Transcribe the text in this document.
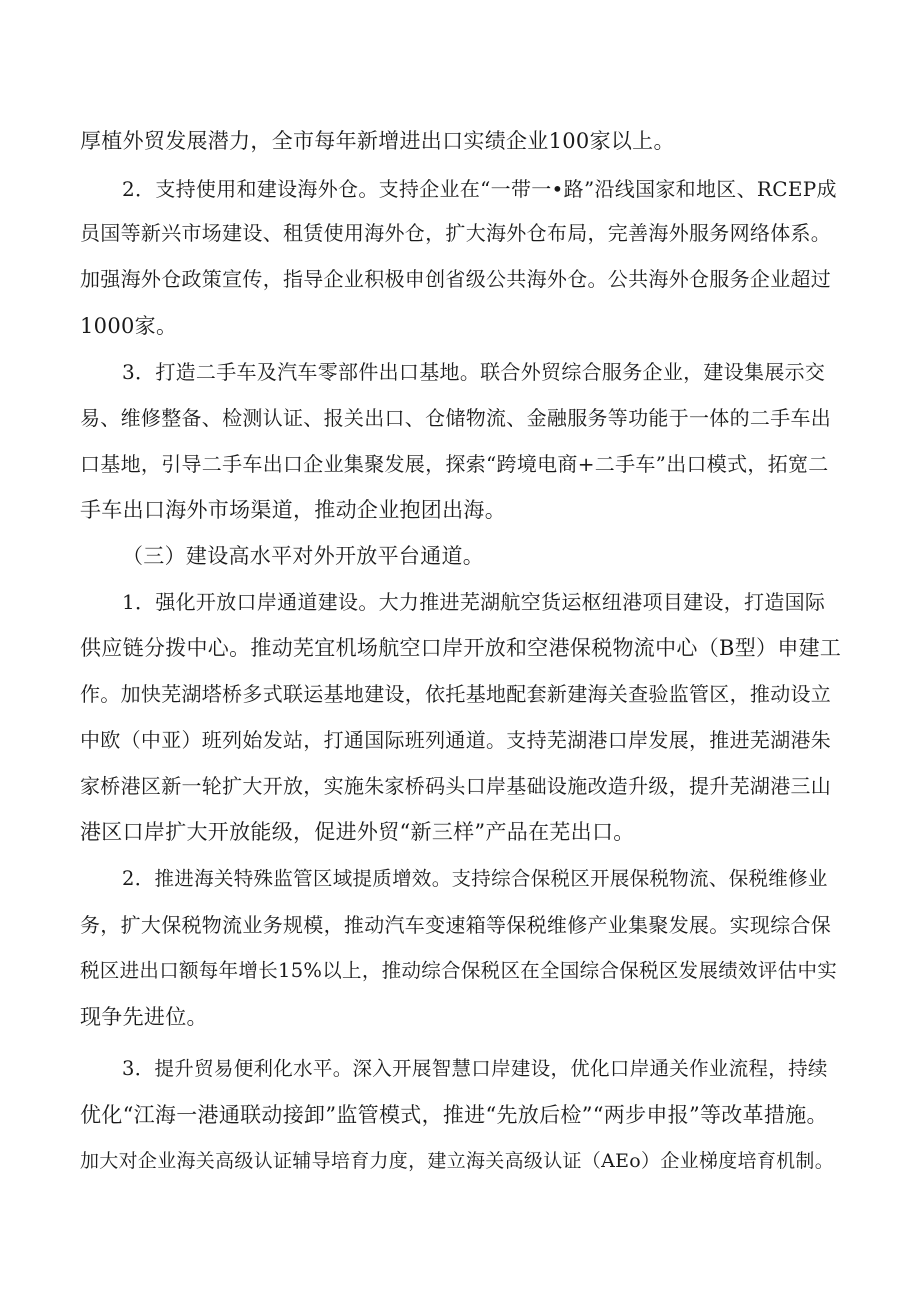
厚植外贸发展潜力，全市每年新增进出口实绩企业100家以上。
2．支持使用和建设海外仓。支持企业在“一带一•路”沿线国家和地区、RCEP成
员国等新兴市场建设、租赁使用海外仓，扩大海外仓布局，完善海外服务网络体系。
加强海外仓政策宣传，指导企业积极申创省级公共海外仓。公共海外仓服务企业超过
1000家。
3．打造二手车及汽车零部件出口基地。联合外贸综合服务企业，建设集展示交
易、维修整备、检测认证、报关出口、仓储物流、金融服务等功能于一体的二手车出
口基地，引导二手车出口企业集聚发展，探索“跨境电商+二手车”出口模式，拓宽二
手车出口海外市场渠道，推动企业抱团出海。
（三）建设高水平对外开放平台通道。
1．强化开放口岸通道建设。大力推进芜湖航空货运枢纽港项目建设，打造国际
供应链分拨中心。推动芜宜机场航空口岸开放和空港保税物流中心（B型）申建工
作。加快芜湖塔桥多式联运基地建设，依托基地配套新建海关查验监管区，推动设立
中欧（中亚）班列始发站，打通国际班列通道。支持芜湖港口岸发展，推进芜湖港朱
家桥港区新一轮扩大开放，实施朱家桥码头口岸基础设施改造升级，提升芜湖港三山
港区口岸扩大开放能级，促进外贸“新三样”产品在芜出口。
2．推进海关特殊监管区域提质增效。支持综合保税区开展保税物流、保税维修业
务，扩大保税物流业务规模，推动汽车变速箱等保税维修产业集聚发展。实现综合保
税区进出口额每年增长15%以上，推动综合保税区在全国综合保税区发展绩效评估中实
现争先进位。
3．提升贸易便利化水平。深入开展智慧口岸建设，优化口岸通关作业流程，持续
优化“江海一港通联动接卸”监管模式，推进“先放后检”“两步申报”等改革措施。
加大对企业海关高级认证辅导培育力度，建立海关高级认证（AEo）企业梯度培育机制。
